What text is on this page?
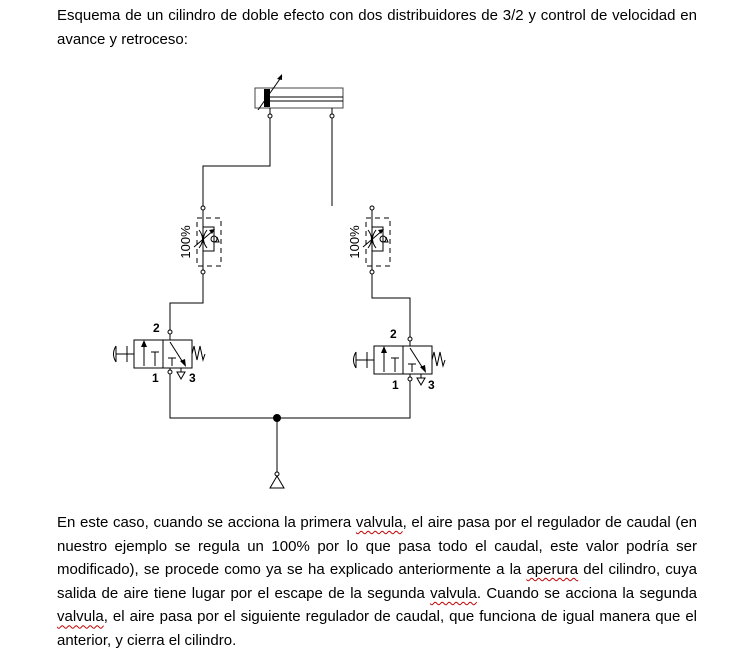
Esquema de un cilindro de doble efecto con dos distribuidores de 3/2 y control de velocidad en avance y retroceso:

100%	100%
2
1	3
2
1 3

En este caso, cuando se acciona la primera valvula, el aire pasa por el regulador de caudal (en nuestro ejemplo se regula un 100% por lo que pasa todo el caudal, este valor podría ser modificado), se procede como ya se ha explicado anteriormente a la aperura del cilindro, cuya salida de aire tiene lugar por el escape de la segunda valvula. Cuando se acciona la segunda valvula, el aire pasa por el siguiente regulador de caudal, que funciona de igual manera que el anterior, y cierra el cilindro.
